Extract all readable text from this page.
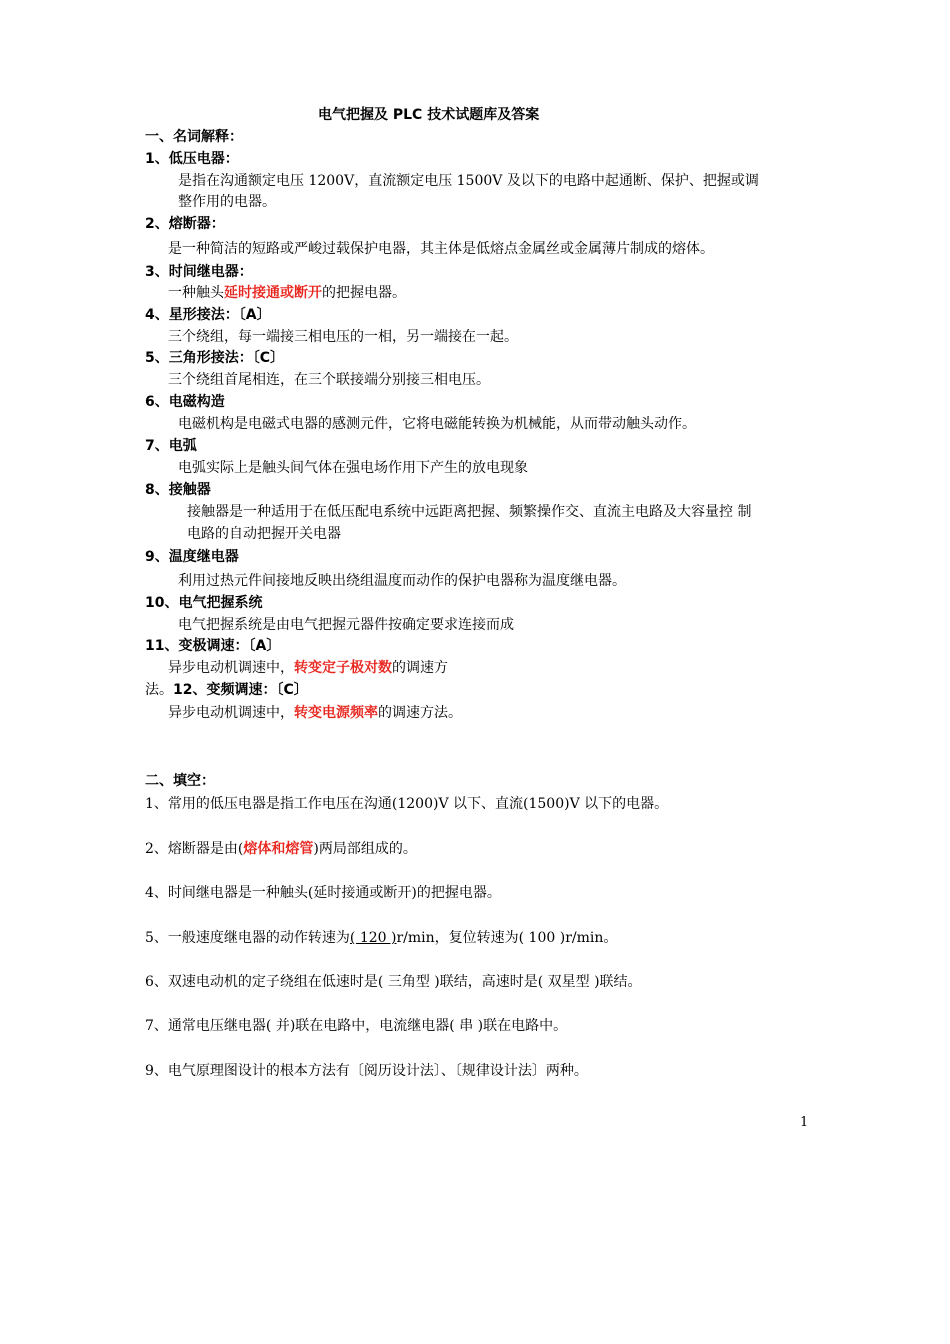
电气把握及 PLC 技术试题库及答案
一、名词解释：
1、低压电器：
是指在沟通额定电压 1200V，直流额定电压 1500V 及以下的电路中起通断、保护、把握或调
整作用的电器。
2、熔断器：
是一种简洁的短路或严峻过载保护电器，其主体是低熔点金属丝或金属薄片制成的熔体。
3、时间继电器：
一种触头延时接通或断开的把握电器。
4、星形接法：〔A〕
三个绕组，每一端接三相电压的一相，另一端接在一起。
5、三角形接法：〔C〕
三个绕组首尾相连，在三个联接端分别接三相电压。
6、电磁构造
电磁机构是电磁式电器的感测元件，它将电磁能转换为机械能，从而带动触头动作。
7、电弧
电弧实际上是触头间气体在强电场作用下产生的放电现象
8、接触器
接触器是一种适用于在低压配电系统中远距离把握、频繁操作交、直流主电路及大容量控 制
电路的自动把握开关电器
9、温度继电器
利用过热元件间接地反映出绕组温度而动作的保护电器称为温度继电器。
10、电气把握系统
电气把握系统是由电气把握元器件按确定要求连接而成
11、变极调速：〔A〕
异步电动机调速中，转变定子极对数的调速方
法。12、变频调速：〔C〕
异步电动机调速中，转变电源频率的调速方法。
二、填空：
1、常用的低压电器是指工作电压在沟通(1200)V 以下、直流(1500)V 以下的电器。
2、熔断器是由(熔体和熔管)两局部组成的。
4、时间继电器是一种触头(延时接通或断开)的把握电器。
5、一般速度继电器的动作转速为( 120 )r/min，复位转速为( 100 )r/min。
6、双速电动机的定子绕组在低速时是( 三角型 )联结，高速时是( 双星型 )联结。
7、通常电压继电器( 并)联在电路中，电流继电器( 串 )联在电路中。
9、电气原理图设计的根本方法有〔阅历设计法〕、〔规律设计法〕两种。
1
